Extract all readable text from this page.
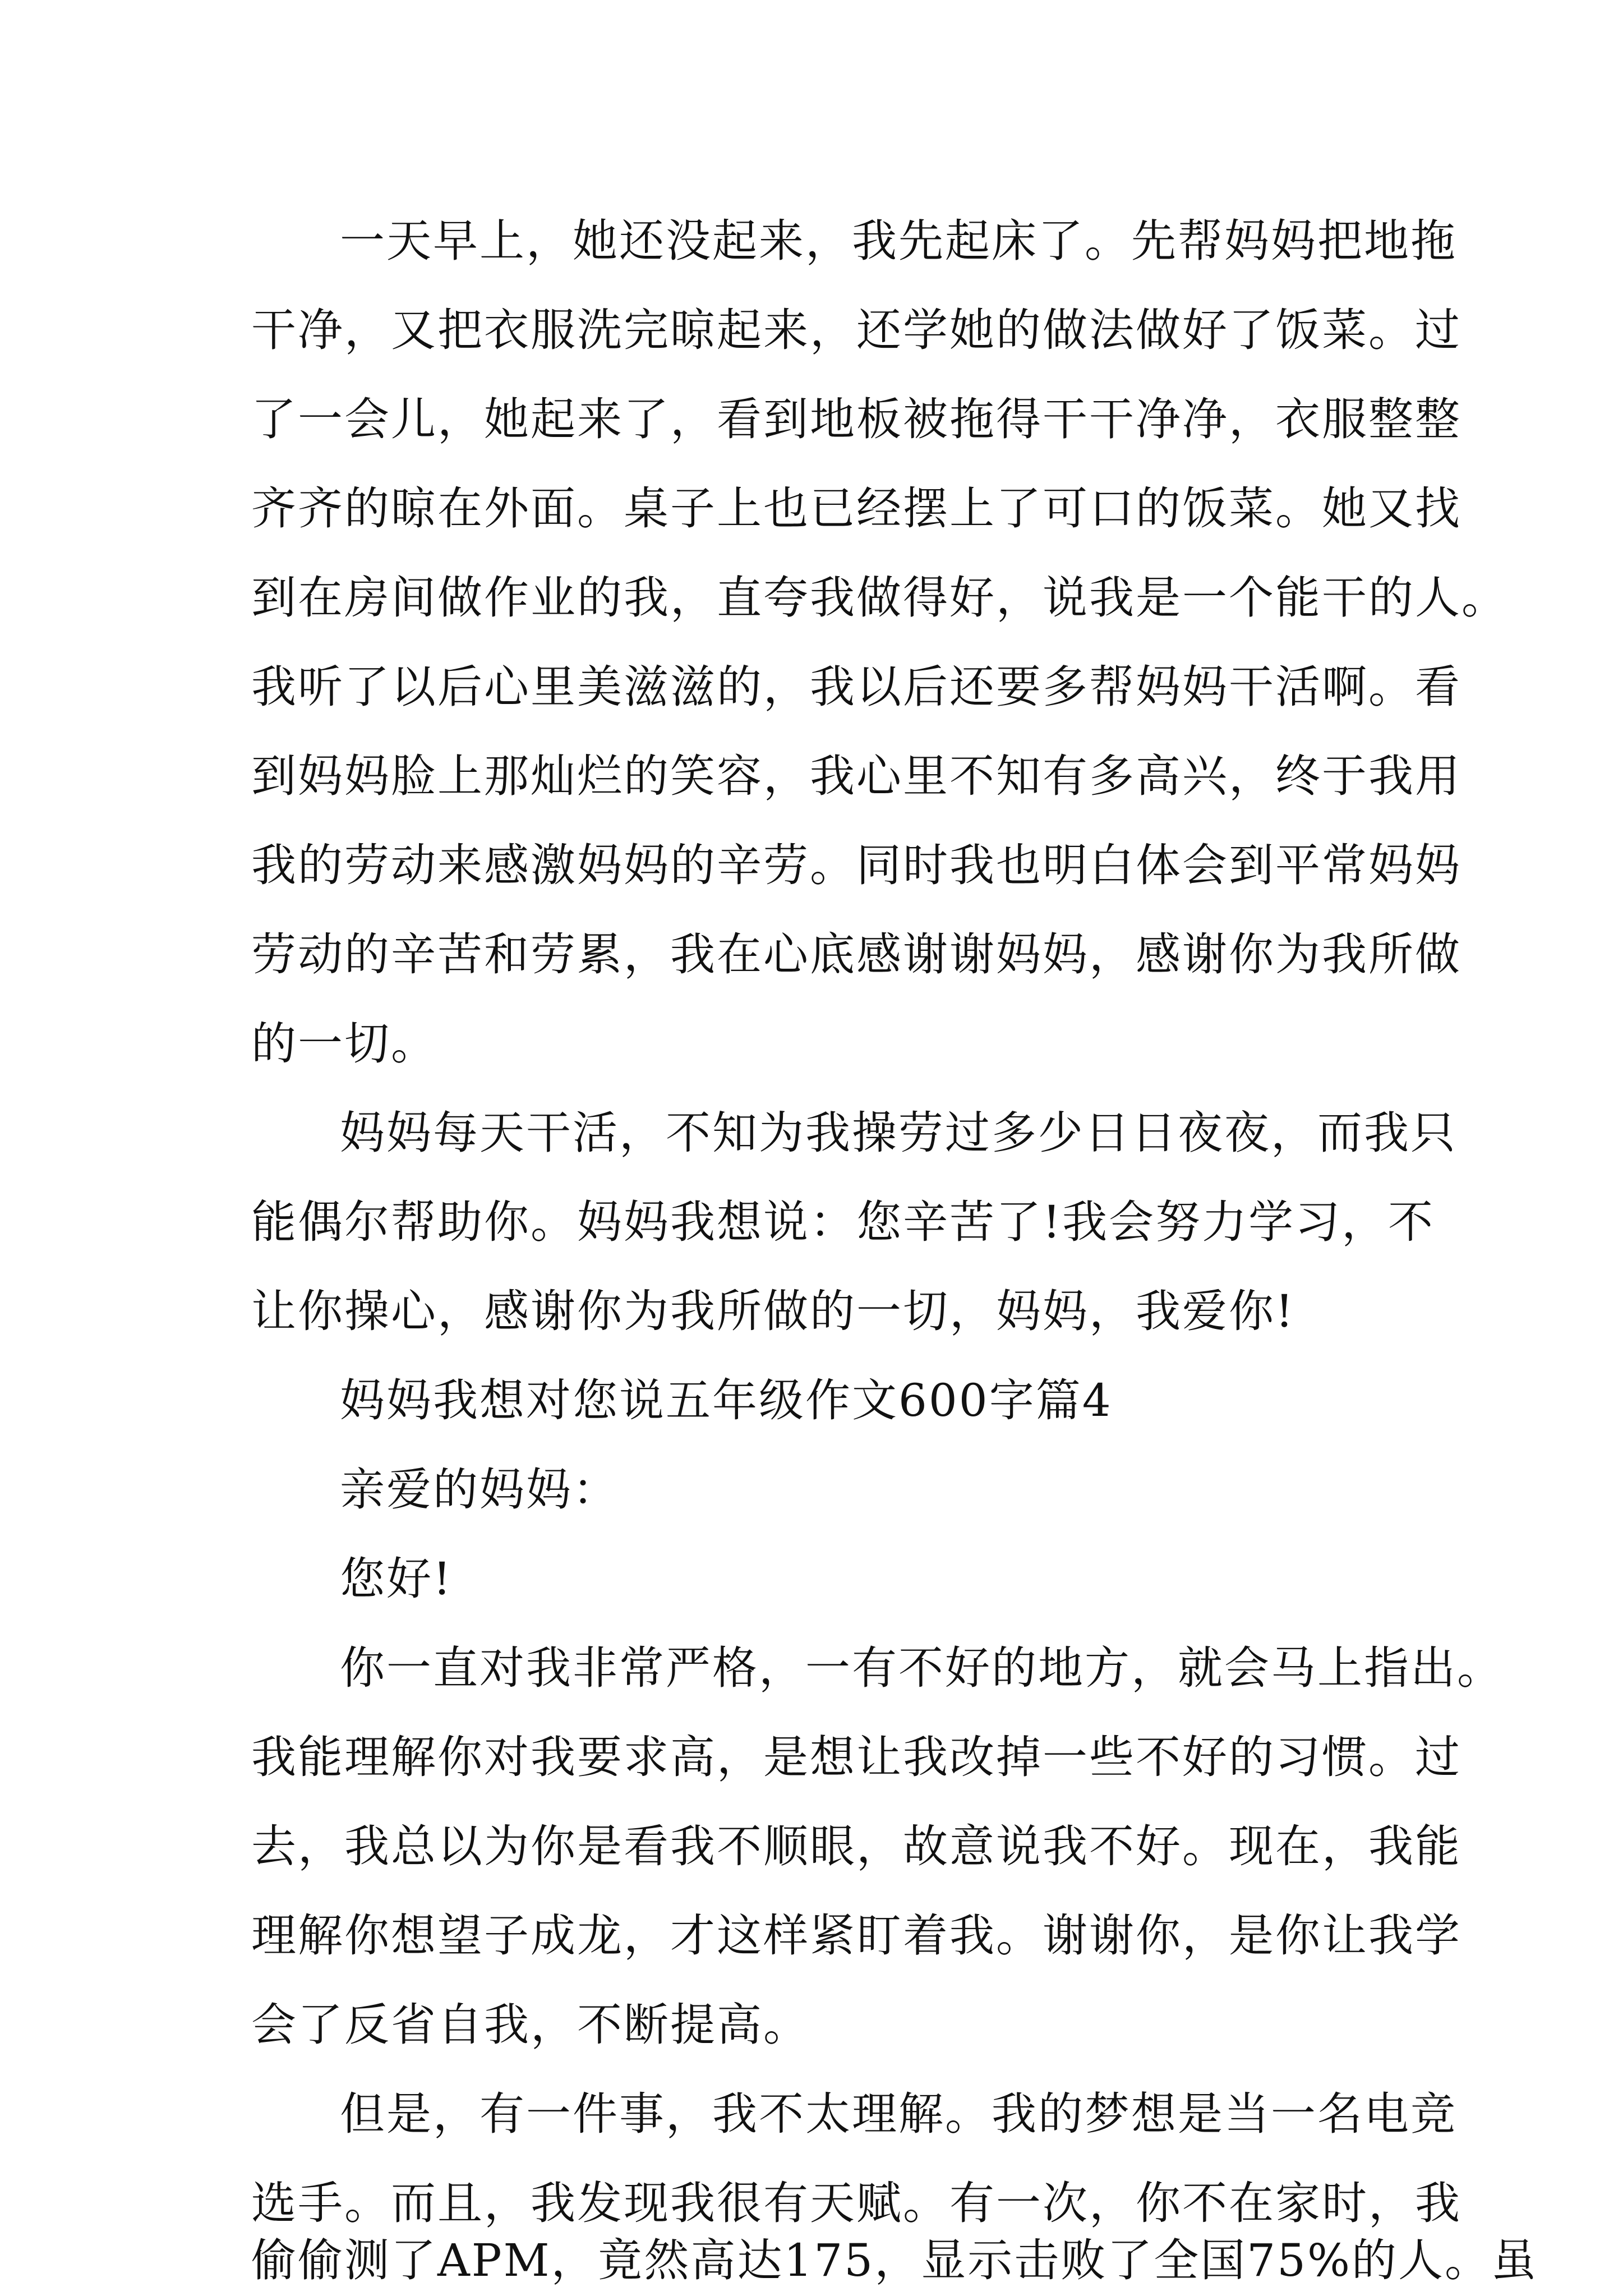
一天早上，她还没起来，我先起床了。先帮妈妈把地拖
干净，又把衣服洗完晾起来，还学她的做法做好了饭菜。过
了一会儿，她起来了，看到地板被拖得干干净净，衣服整整
齐齐的晾在外面。桌子上也已经摆上了可口的饭菜。她又找
到在房间做作业的我，直夸我做得好，说我是一个能干的人。
我听了以后心里美滋滋的，我以后还要多帮妈妈干活啊。看
到妈妈脸上那灿烂的笑容，我心里不知有多高兴，终于我用
我的劳动来感激妈妈的辛劳。同时我也明白体会到平常妈妈
劳动的辛苦和劳累，我在心底感谢谢妈妈，感谢你为我所做
的一切。
妈妈每天干活，不知为我操劳过多少日日夜夜，而我只
能偶尔帮助你。妈妈我想说：您辛苦了!我会努力学习，不
让你操心，感谢你为我所做的一切，妈妈，我爱你!
妈妈我想对您说五年级作文600字篇4
亲爱的妈妈：
您好!
你一直对我非常严格，一有不好的地方，就会马上指出。
我能理解你对我要求高，是想让我改掉一些不好的习惯。过
去，我总以为你是看我不顺眼，故意说我不好。现在，我能
理解你想望子成龙，才这样紧盯着我。谢谢你，是你让我学
会了反省自我，不断提高。
但是，有一件事，我不太理解。我的梦想是当一名电竞
选手。而且，我发现我很有天赋。有一次，你不在家时，我
偷偷测了APM，竟然高达175，显示击败了全国75%的人。虽
